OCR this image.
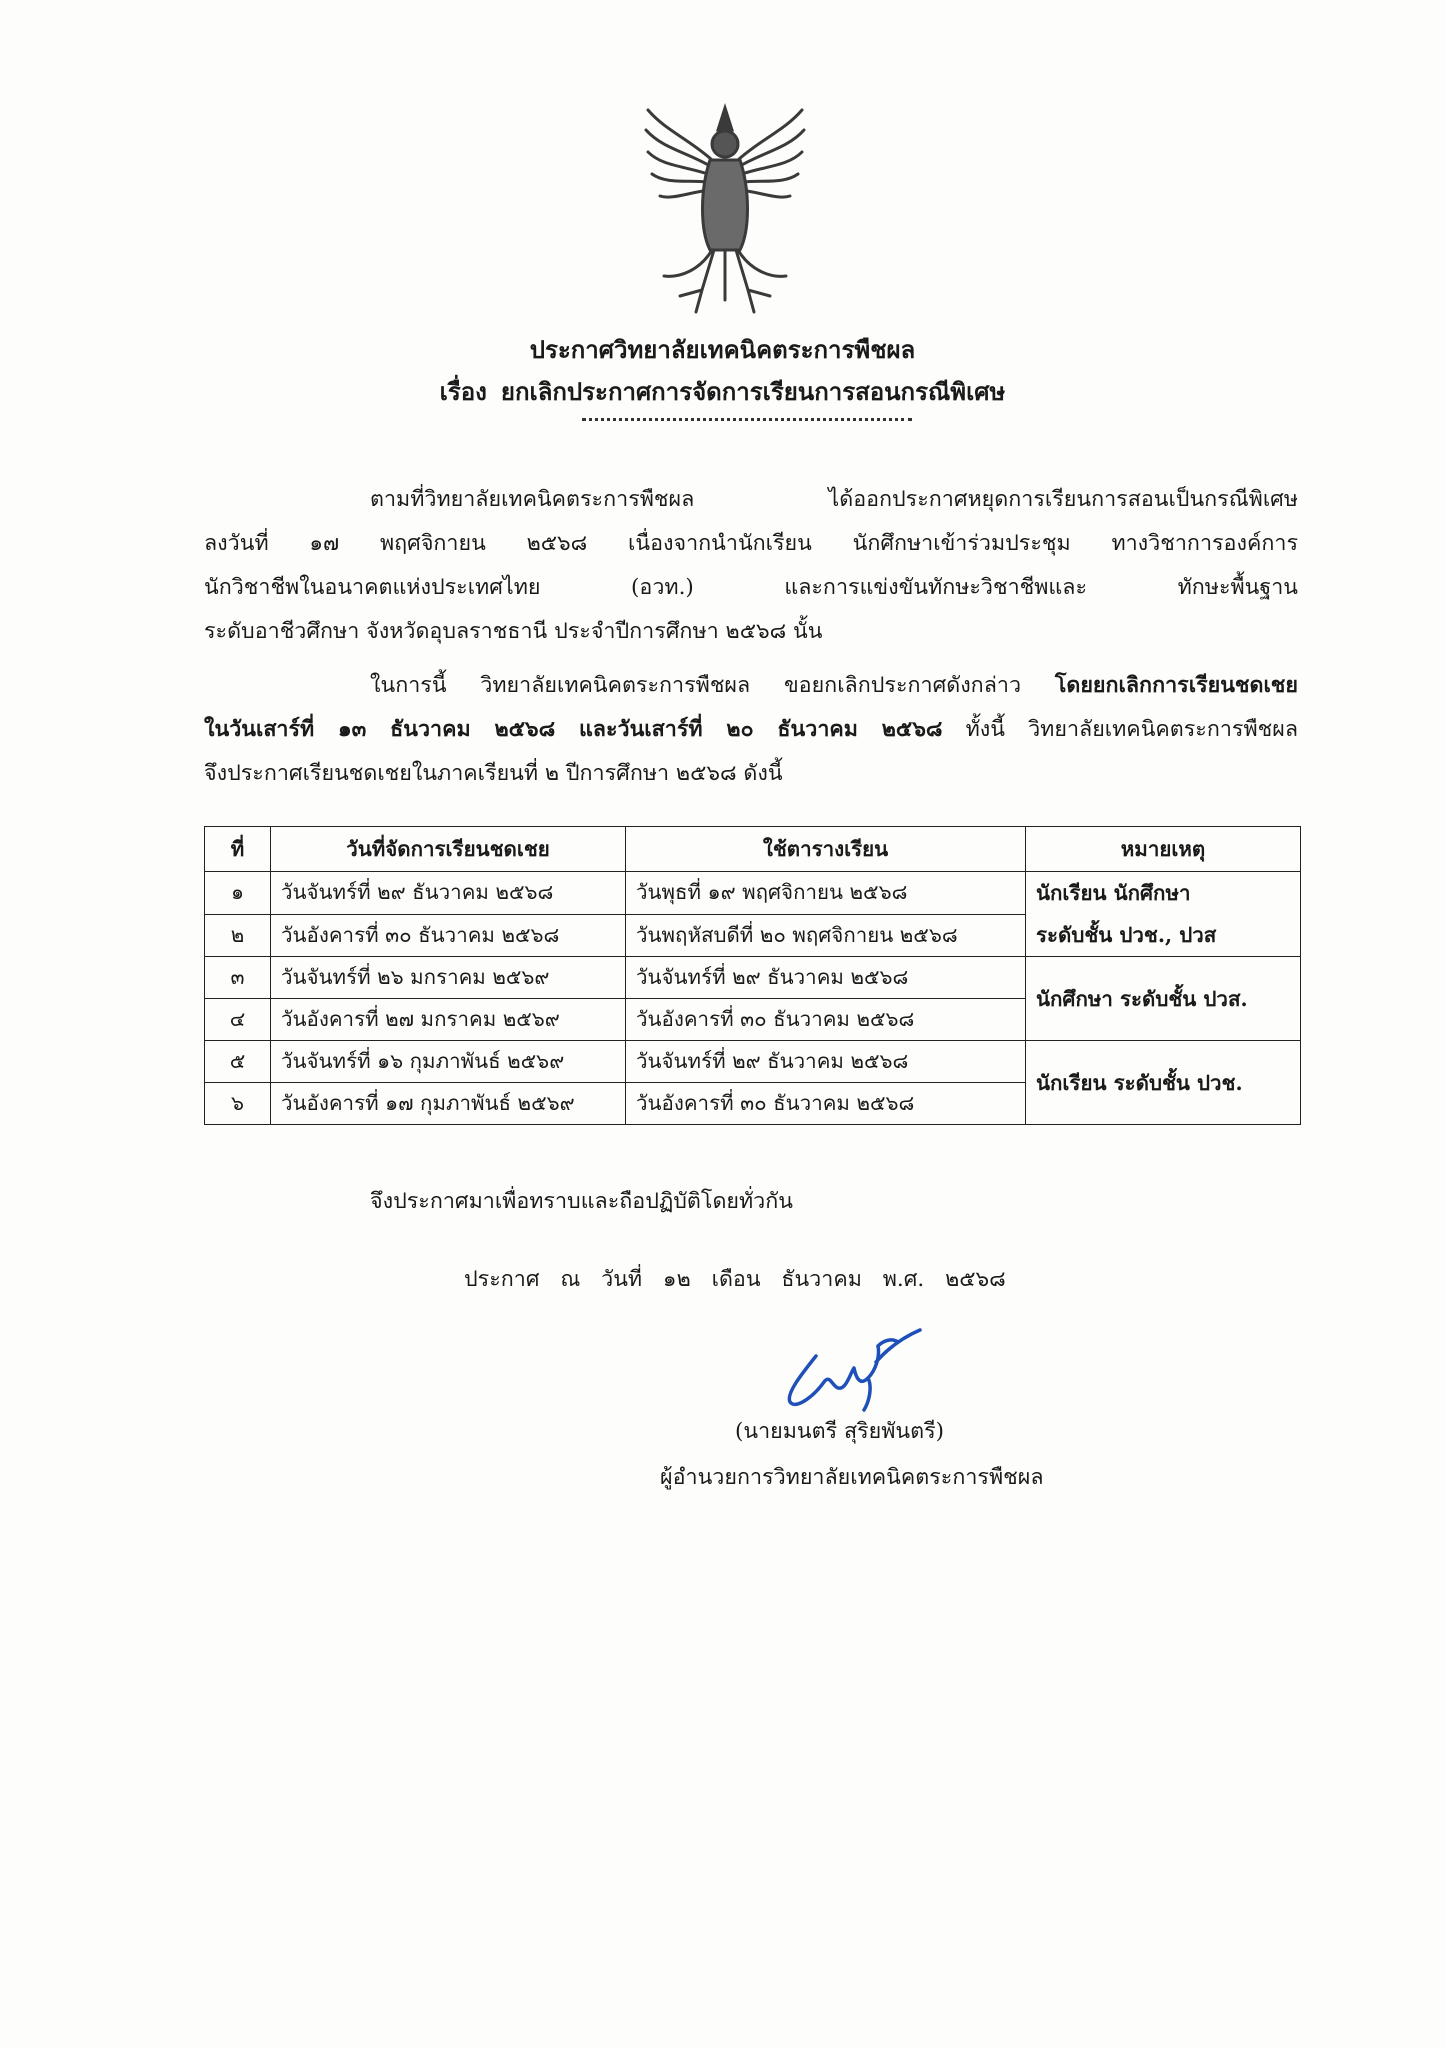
ประกาศวิทยาลัยเทคนิคตระการพืชผล
เรื่อง ยกเลิกประกาศการจัดการเรียนการสอนกรณีพิเศษ
ตามที่วิทยาลัยเทคนิคตระการพืชผล ได้ออกประกาศหยุดการเรียนการสอนเป็นกรณีพิเศษ
ลงวันที่ ๑๗ พฤศจิกายน ๒๕๖๘ เนื่องจากนำนักเรียน นักศึกษาเข้าร่วมประชุม ทางวิชาการองค์การ
นักวิชาชีพในอนาคตแห่งประเทศไทย (อวท.) และการแข่งขันทักษะวิชาชีพและ ทักษะพื้นฐาน
ระดับอาชีวศึกษา จังหวัดอุบลราชธานี ประจำปีการศึกษา ๒๕๖๘ นั้น
ในการนี้ วิทยาลัยเทคนิคตระการพืชผล ขอยกเลิกประกาศดังกล่าว โดยยกเลิกการเรียนชดเชย
ในวันเสาร์ที่ ๑๓ ธันวาคม ๒๕๖๘ และวันเสาร์ที่ ๒๐ ธันวาคม ๒๕๖๘ ทั้งนี้ วิทยาลัยเทคนิคตระการพืชผล
จึงประกาศเรียนชดเชยในภาคเรียนที่ ๒ ปีการศึกษา ๒๕๖๘ ดังนี้
ที่	วันที่จัดการเรียนชดเชย	ใช้ตารางเรียน	หมายเหตุ
๑	วันจันทร์ที่ ๒๙ ธันวาคม ๒๕๖๘	วันพุธที่ ๑๙ พฤศจิกายน ๒๕๖๘	นักเรียน นักศึกษา
ระดับชั้น ปวช., ปวส

๒	วันอังคารที่ ๓๐ ธันวาคม ๒๕๖๘	วันพฤหัสบดีที่ ๒๐ พฤศจิกายน ๒๕๖๘	
๓	วันจันทร์ที่ ๒๖ มกราคม ๒๕๖๙	วันจันทร์ที่ ๒๙ ธันวาคม ๒๕๖๘	นักศึกษา ระดับชั้น ปวส.
๔	วันอังคารที่ ๒๗ มกราคม ๒๕๖๙	วันอังคารที่ ๓๐ ธันวาคม ๒๕๖๘	
๕	วันจันทร์ที่ ๑๖ กุมภาพันธ์ ๒๕๖๙	วันจันทร์ที่ ๒๙ ธันวาคม ๒๕๖๘	นักเรียน ระดับชั้น ปวช.
๖	วันอังคารที่ ๑๗ กุมภาพันธ์ ๒๕๖๙	วันอังคารที่ ๓๐ ธันวาคม ๒๕๖๘	
จึงประกาศมาเพื่อทราบและถือปฏิบัติโดยทั่วกัน
ประกาศ ณ วันที่ ๑๒ เดือน ธันวาคม พ.ศ. ๒๕๖๘
(นายมนตรี สุริยพันตรี)
ผู้อำนวยการวิทยาลัยเทคนิคตระการพืชผล
